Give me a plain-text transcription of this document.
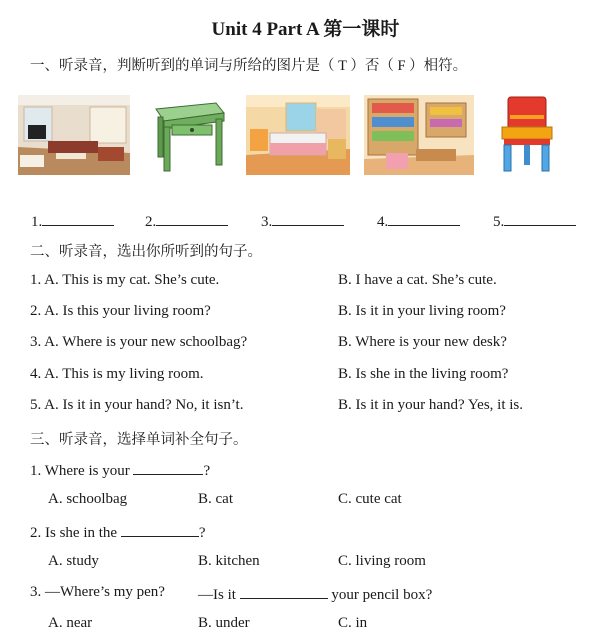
Unit 4 Part A 第一课时
一、听录音，判断听到的单词与所给的图片是（ T ）否（ F ）相符。
1.	2.	3.	4.	5.
二、听录音，选出你所听到的句子。
1. A. This is my cat. She’s cute.	B. I have a cat. She’s cute.
2. A. Is this your living room?	B. Is it in your living room?
3. A. Where is your new schoolbag?	B. Where is your new desk?
4. A. This is my living room.	B. Is she in the living room?
5. A. Is it in your hand? No, it isn’t.	B. Is it in your hand? Yes, it is.
三、听录音，选择单词补全句子。
1. Where is your	?
A. schoolbag	B. cat	C. cute cat
2. Is she in the	?
A. study	B. kitchen	C. living room
3. —Where’s my pen? —Is it	your pencil box?
A. near	B. under	C. in
